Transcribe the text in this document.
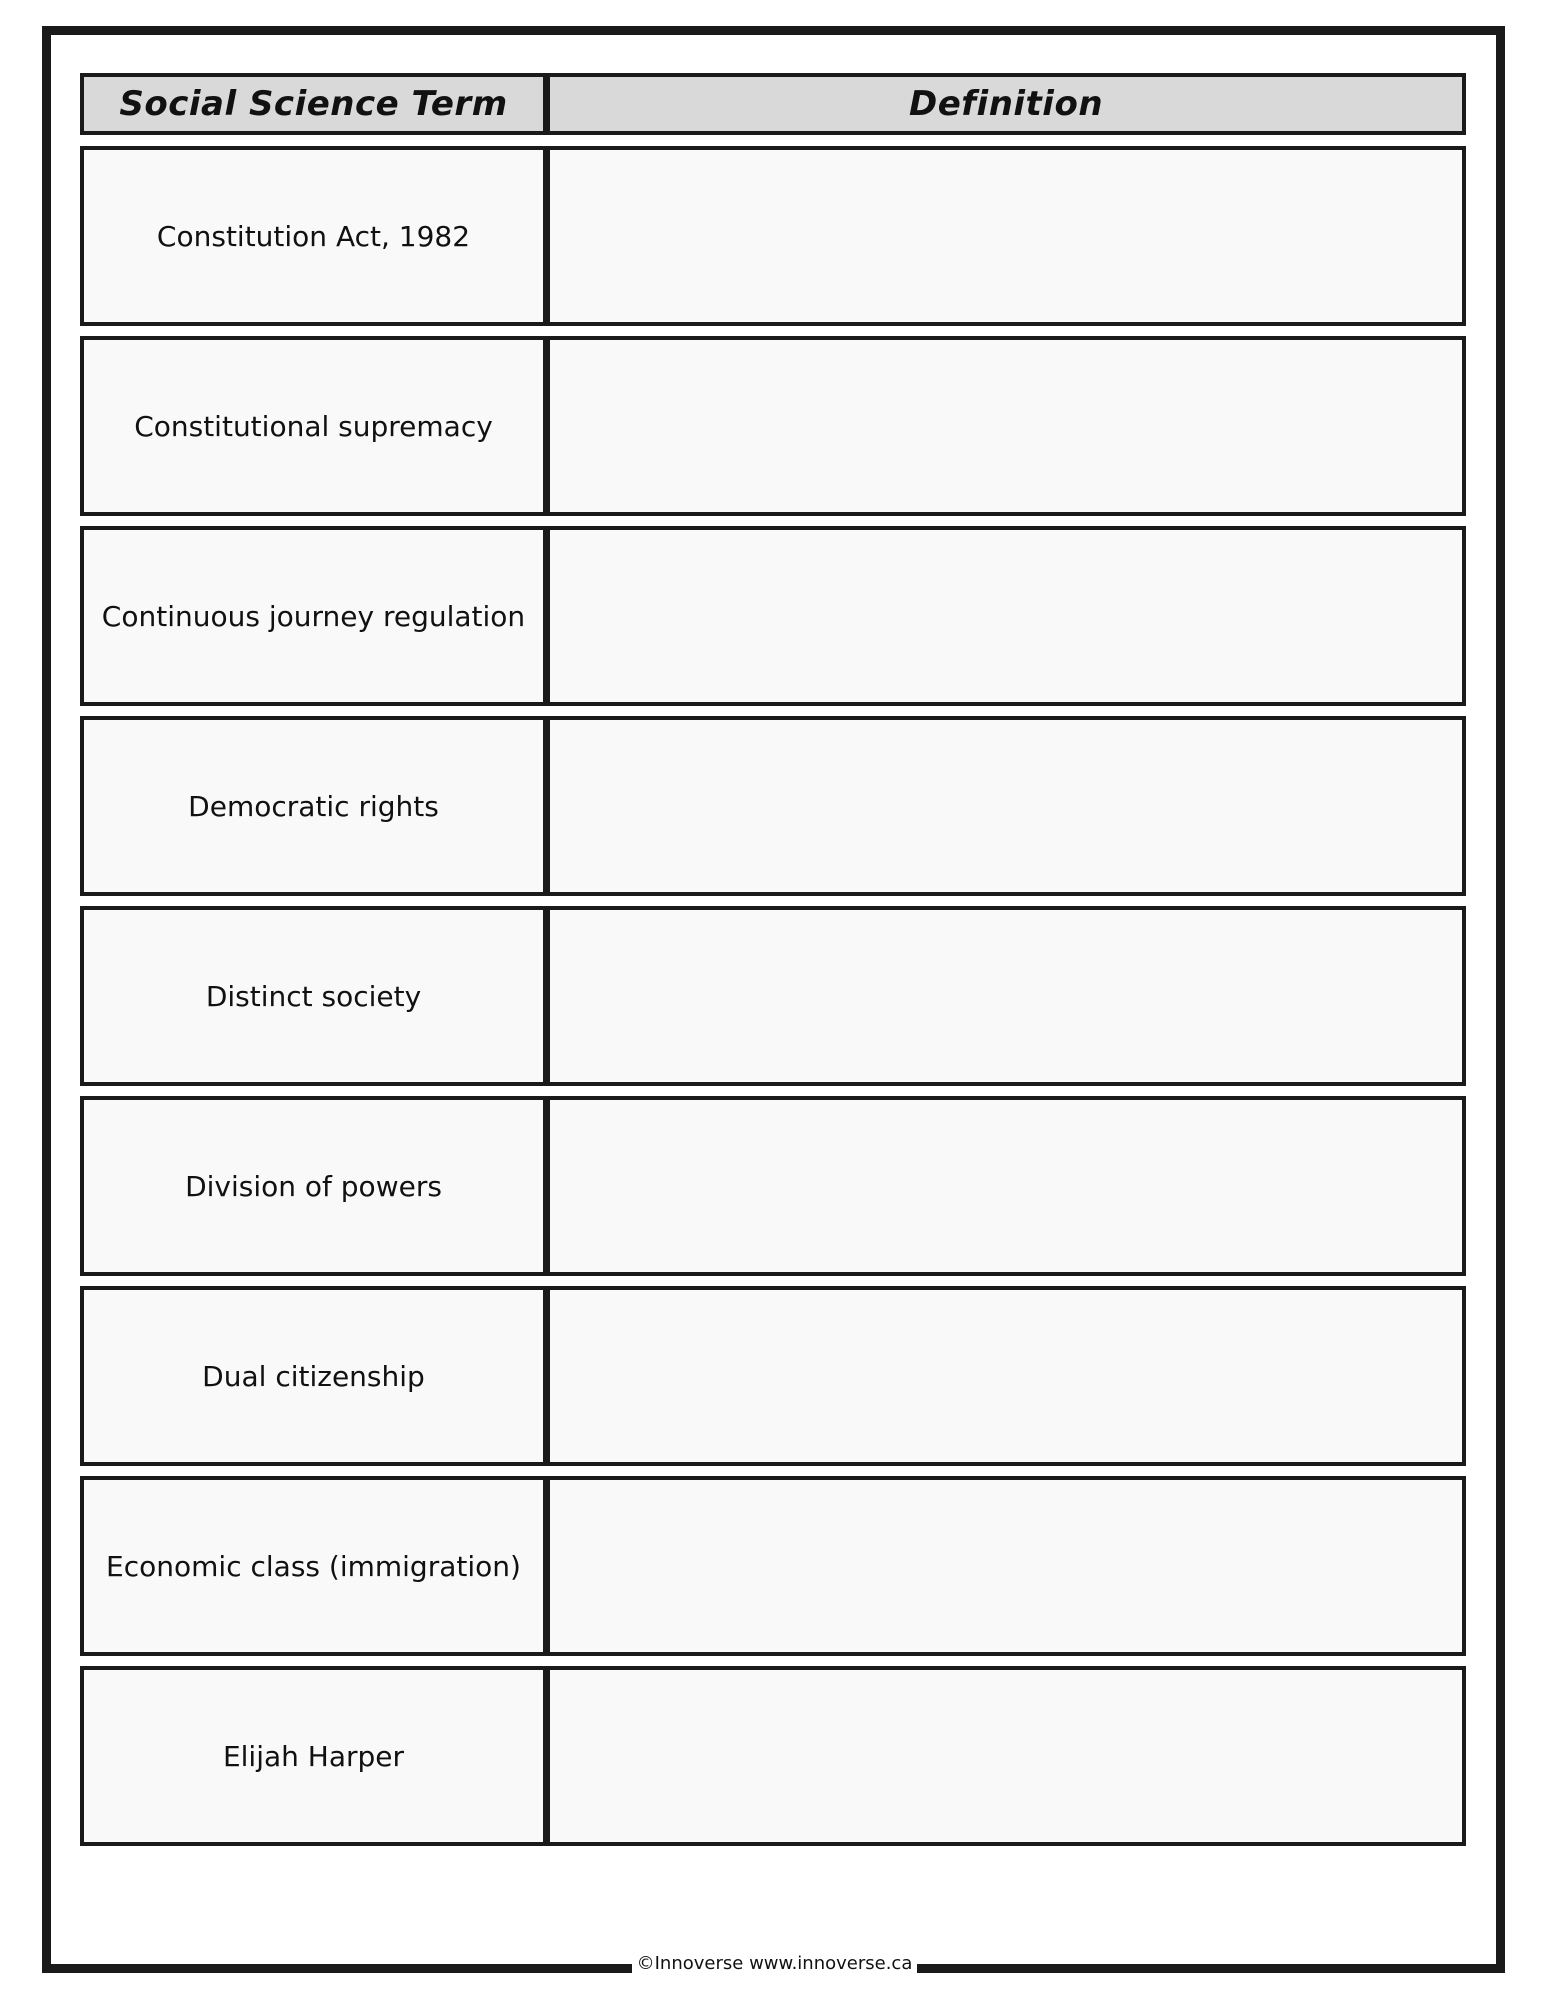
Social Science Term	Definition
Constitution Act, 1982
Constitutional supremacy
Continuous journey regulation
Democratic rights
Distinct society
Division of powers
Dual citizenship
Economic class (immigration)
Elijah Harper
©Innoverse www.innoverse.ca
